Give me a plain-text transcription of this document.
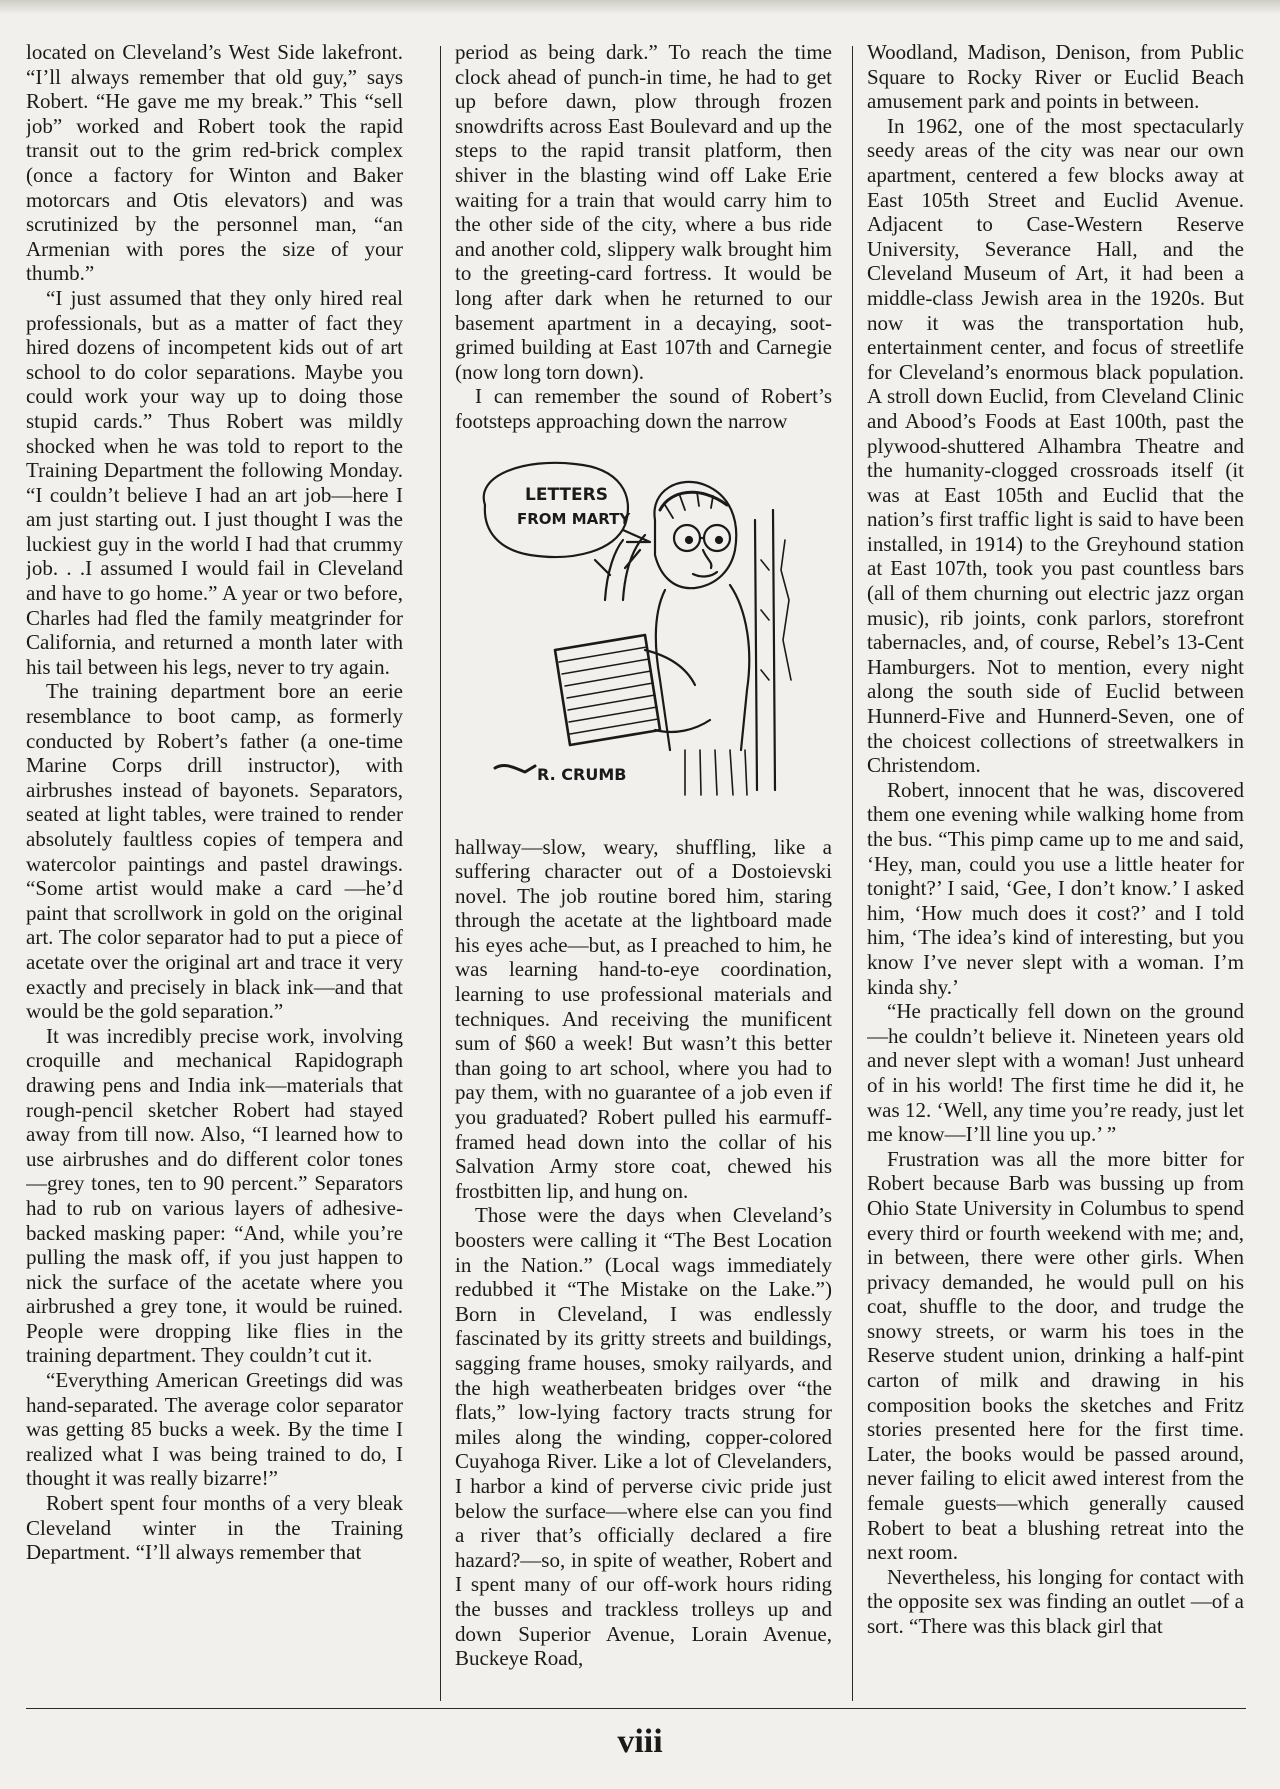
located on Cleveland’s West Side lakefront. “I’ll always remember that old guy,” says Robert. “He gave me my break.” This “sell job” worked and Robert took the rapid transit out to the grim red-brick complex (once a factory for Winton and Baker motorcars and Otis elevators) and was scrutinized by the personnel man, “an Armenian with pores the size of your thumb.”

“I just assumed that they only hired real professionals, but as a matter of fact they hired dozens of incompetent kids out of art school to do color separations. Maybe you could work your way up to doing those stupid cards.” Thus Robert was mildly shocked when he was told to report to the Training Department the following Monday. “I couldn’t believe I had an art job—here I am just starting out. I just thought I was the luckiest guy in the world I had that crummy job. . .I assumed I would fail in Cleveland and have to go home.” A year or two before, Charles had fled the family meatgrinder for California, and returned a month later with his tail between his legs, never to try again.

The training department bore an eerie resemblance to boot camp, as formerly conducted by Robert’s father (a one-time Marine Corps drill instructor), with airbrushes instead of bayonets. Separators, seated at light tables, were trained to render absolutely faultless copies of tempera and watercolor paintings and pastel drawings. “Some artist would make a card —he’d paint that scrollwork in gold on the original art. The color separator had to put a piece of acetate over the original art and trace it very exactly and precisely in black ink—and that would be the gold separation.”

It was incredibly precise work, involving croquille and mechanical Rapidograph drawing pens and India ink—materials that rough-pencil sketcher Robert had stayed away from till now. Also, “I learned how to use airbrushes and do different color tones—grey tones, ten to 90 percent.” Separators had to rub on various layers of adhesive-backed masking paper: “And, while you’re pulling the mask off, if you just happen to nick the surface of the acetate where you airbrushed a grey tone, it would be ruined. People were dropping like flies in the training department. They couldn’t cut it.

“Everything American Greetings did was hand-separated. The average color separator was getting 85 bucks a week. By the time I realized what I was being trained to do, I thought it was really bizarre!”

Robert spent four months of a very bleak Cleveland winter in the Training Department. “I’ll always remember that

period as being dark.” To reach the time clock ahead of punch-in time, he had to get up before dawn, plow through frozen snowdrifts across East Boulevard and up the steps to the rapid transit platform, then shiver in the blasting wind off Lake Erie waiting for a train that would carry him to the other side of the city, where a bus ride and another cold, slippery walk brought him to the greeting-card fortress. It would be long after dark when he returned to our basement apartment in a decaying, soot-grimed building at East 107th and Carnegie (now long torn down).

I can remember the sound of Robert’s footsteps approaching down the narrow

LETTERS
FROM MARTY
R. CRUMB

hallway—slow, weary, shuffling, like a suffering character out of a Dostoievski novel. The job routine bored him, staring through the acetate at the lightboard made his eyes ache—but, as I preached to him, he was learning hand-to-eye coordination, learning to use professional materials and techniques. And receiving the munificent sum of $60 a week! But wasn’t this better than going to art school, where you had to pay them, with no guarantee of a job even if you graduated? Robert pulled his earmuff-framed head down into the collar of his Salvation Army store coat, chewed his frostbitten lip, and hung on.

Those were the days when Cleveland’s boosters were calling it “The Best Location in the Nation.” (Local wags immediately redubbed it “The Mistake on the Lake.”) Born in Cleveland, I was endlessly fascinated by its gritty streets and buildings, sagging frame houses, smoky railyards, and the high weatherbeaten bridges over “the flats,” low-lying factory tracts strung for miles along the winding, copper-colored Cuyahoga River. Like a lot of Clevelanders, I harbor a kind of perverse civic pride just below the surface—where else can you find a river that’s officially declared a fire hazard?—so, in spite of weather, Robert and I spent many of our off-work hours riding the busses and trackless trolleys up and down Superior Avenue, Lorain Avenue, Buckeye Road,

Woodland, Madison, Denison, from Public Square to Rocky River or Euclid Beach amusement park and points in between.

In 1962, one of the most spectacularly seedy areas of the city was near our own apartment, centered a few blocks away at East 105th Street and Euclid Avenue. Adjacent to Case-Western Reserve University, Severance Hall, and the Cleveland Museum of Art, it had been a middle-class Jewish area in the 1920s. But now it was the transportation hub, entertainment center, and focus of streetlife for Cleveland’s enormous black population. A stroll down Euclid, from Cleveland Clinic and Abood’s Foods at East 100th, past the plywood-shuttered Alhambra Theatre and the humanity-clogged crossroads itself (it was at East 105th and Euclid that the nation’s first traffic light is said to have been installed, in 1914) to the Greyhound station at East 107th, took you past countless bars (all of them churning out electric jazz organ music), rib joints, conk parlors, storefront tabernacles, and, of course, Rebel’s 13-Cent Hamburgers. Not to mention, every night along the south side of Euclid between Hunnerd-Five and Hunnerd-Seven, one of the choicest collections of streetwalkers in Christendom.

Robert, innocent that he was, discovered them one evening while walking home from the bus. “This pimp came up to me and said, ‘Hey, man, could you use a little heater for tonight?’ I said, ‘Gee, I don’t know.’ I asked him, ‘How much does it cost?’ and I told him, ‘The idea’s kind of interesting, but you know I’ve never slept with a woman. I’m kinda shy.’

“He practically fell down on the ground —he couldn’t believe it. Nineteen years old and never slept with a woman! Just unheard of in his world! The first time he did it, he was 12. ‘Well, any time you’re ready, just let me know—I’ll line you up.’ ”

Frustration was all the more bitter for Robert because Barb was bussing up from Ohio State University in Columbus to spend every third or fourth weekend with me; and, in between, there were other girls. When privacy demanded, he would pull on his coat, shuffle to the door, and trudge the snowy streets, or warm his toes in the Reserve student union, drinking a half-pint carton of milk and drawing in his composition books the sketches and Fritz stories presented here for the first time. Later, the books would be passed around, never failing to elicit awed interest from the female guests—which generally caused Robert to beat a blushing retreat into the next room.

Nevertheless, his longing for contact with the opposite sex was finding an outlet —of a sort. “There was this black girl that

viii
